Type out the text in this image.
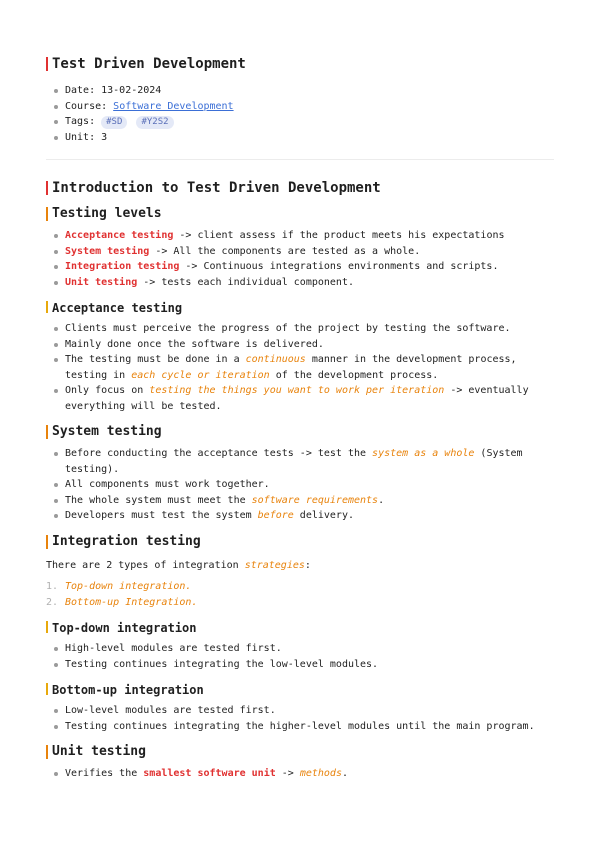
Test Driven Development
Date: 13-02-2024
Course: Software Development
Tags: #SD #Y2S2
Unit: 3
Introduction to Test Driven Development
Testing levels
Acceptance testing -> client assess if the product meets his expectations
System testing -> All the components are tested as a whole.
Integration testing -> Continuous integrations environments and scripts.
Unit testing -> tests each individual component.
Acceptance testing
Clients must perceive the progress of the project by testing the software.
Mainly done once the software is delivered.
The testing must be done in a continuous manner in the development process, testing in each cycle or iteration of the development process.
Only focus on testing the things you want to work per iteration -> eventually everything will be tested.
System testing
Before conducting the acceptance tests -> test the system as a whole (System testing).
All components must work together.
The whole system must meet the software requirements.
Developers must test the system before delivery.
Integration testing

There are 2 types of integration strategies:

1. Top-down integration.
2. Bottom-up Integration.
Top-down integration
High-level modules are tested first.
Testing continues integrating the low-level modules.
Bottom-up integration
Low-level modules are tested first.
Testing continues integrating the higher-level modules until the main program.
Unit testing
Verifies the smallest software unit -> methods.
